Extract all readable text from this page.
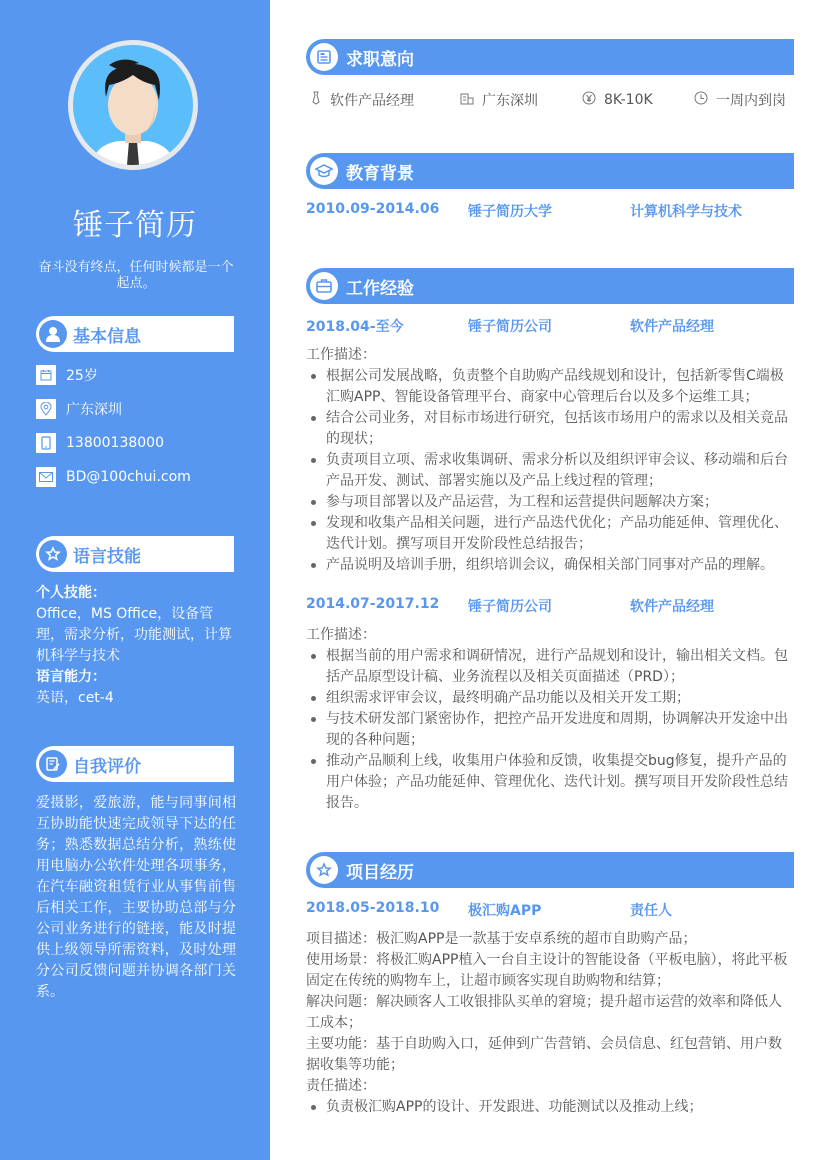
锤子简历
奋斗没有终点，任何时候都是一个起点。
基本信息
25岁
广东深圳
13800138000
BD@100chui.com
语言技能
个人技能：
Office，MS Office，设备管理，需求分析，功能测试，计算机科学与技术
语言能力：
英语，cet-4
自我评价
爱摄影，爱旅游，能与同事间相互协助能快速完成领导下达的任务；熟悉数据总结分析，熟练使用电脑办公软件处理各项事务，在汽车融资租赁行业从事售前售后相关工作，主要协助总部与分公司业务进行的链接，能及时提供上级领导所需资料，及时处理分公司反馈问题并协调各部门关系。
求职意向
软件产品经理	广东深圳	8K-10K	一周内到岗
教育背景
2010.09-2014.06	锤子简历大学	计算机科学与技术
工作经验
2018.04-至今	锤子简历公司	软件产品经理
工作描述：
根据公司发展战略，负责整个自助购产品线规划和设计，包括新零售C端极汇购APP、智能设备管理平台、商家中心管理后台以及多个运维工具；
结合公司业务，对目标市场进行研究，包括该市场用户的需求以及相关竞品的现状；
负责项目立项、需求收集调研、需求分析以及组织评审会议、移动端和后台产品开发、测试、部署实施以及产品上线过程的管理；
参与项目部署以及产品运营，为工程和运营提供问题解决方案；
发现和收集产品相关问题，进行产品迭代优化；产品功能延伸、管理优化、迭代计划。撰写项目开发阶段性总结报告；
产品说明及培训手册，组织培训会议，确保相关部门同事对产品的理解。
2014.07-2017.12	锤子简历公司	软件产品经理
工作描述：
根据当前的用户需求和调研情况，进行产品规划和设计，输出相关文档。包括产品原型设计稿、业务流程以及相关页面描述（PRD）；
组织需求评审会议，最终明确产品功能以及相关开发工期；
与技术研发部门紧密协作，把控产品开发进度和周期，协调解决开发途中出现的各种问题；
推动产品顺利上线，收集用户体验和反馈，收集提交bug修复，提升产品的用户体验；产品功能延伸、管理优化、迭代计划。撰写项目开发阶段性总结报告。
项目经历
2018.05-2018.10	极汇购APP	责任人
项目描述：极汇购APP是一款基于安卓系统的超市自助购产品；
使用场景：将极汇购APP植入一台自主设计的智能设备（平板电脑），将此平板固定在传统的购物车上，让超市顾客实现自助购物和结算；
解决问题：解决顾客人工收银排队买单的窘境；提升超市运营的效率和降低人工成本；
主要功能：基于自助购入口，延伸到广告营销、会员信息、红包营销、用户数据收集等功能；
责任描述：
负责极汇购APP的设计、开发跟进、功能测试以及推动上线；
